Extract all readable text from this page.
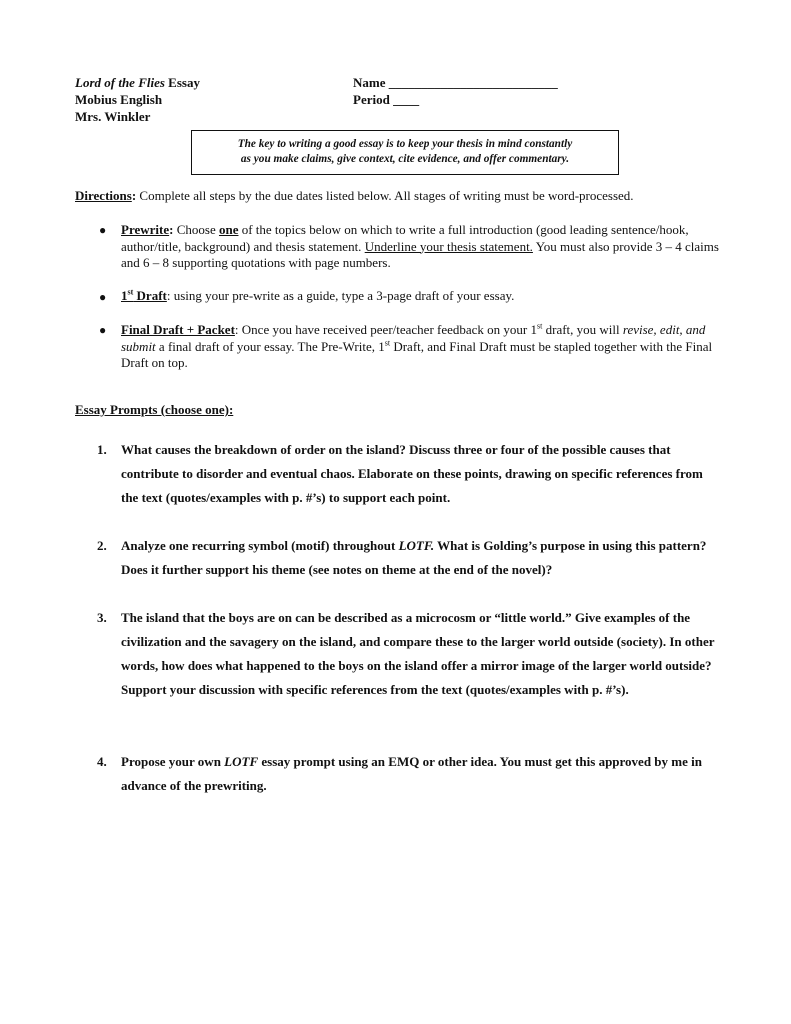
Lord of the Flies Essay
Mobius English
Mrs. Winkler
Name __________________________
Period ____
The key to writing a good essay is to keep your thesis in mind constantly
as you make claims, give context, cite evidence, and offer commentary.
Directions: Complete all steps by the due dates listed below. All stages of writing must be word-processed.
● Prewrite: Choose one of the topics below on which to write a full introduction (good leading sentence/hook, author/title, background) and thesis statement. Underline your thesis statement. You must also provide 3 – 4 claims and 6 – 8 supporting quotations with page numbers.
● 1st Draft: using your pre-write as a guide, type a 3-page draft of your essay.
● Final Draft + Packet: Once you have received peer/teacher feedback on your 1st draft, you will revise, edit, and submit a final draft of your essay. The Pre-Write, 1st Draft, and Final Draft must be stapled together with the Final Draft on top.
Essay Prompts (choose one):
1. What causes the breakdown of order on the island? Discuss three or four of the possible causes that contribute to disorder and eventual chaos. Elaborate on these points, drawing on specific references from the text (quotes/examples with p. #’s) to support each point.
2. Analyze one recurring symbol (motif) throughout LOTF. What is Golding’s purpose in using this pattern? Does it further support his theme (see notes on theme at the end of the novel)?
3. The island that the boys are on can be described as a microcosm or “little world.” Give examples of the civilization and the savagery on the island, and compare these to the larger world outside (society). In other words, how does what happened to the boys on the island offer a mirror image of the larger world outside? Support your discussion with specific references from the text (quotes/examples with p. #’s).
4. Propose your own LOTF essay prompt using an EMQ or other idea. You must get this approved by me in advance of the prewriting.
